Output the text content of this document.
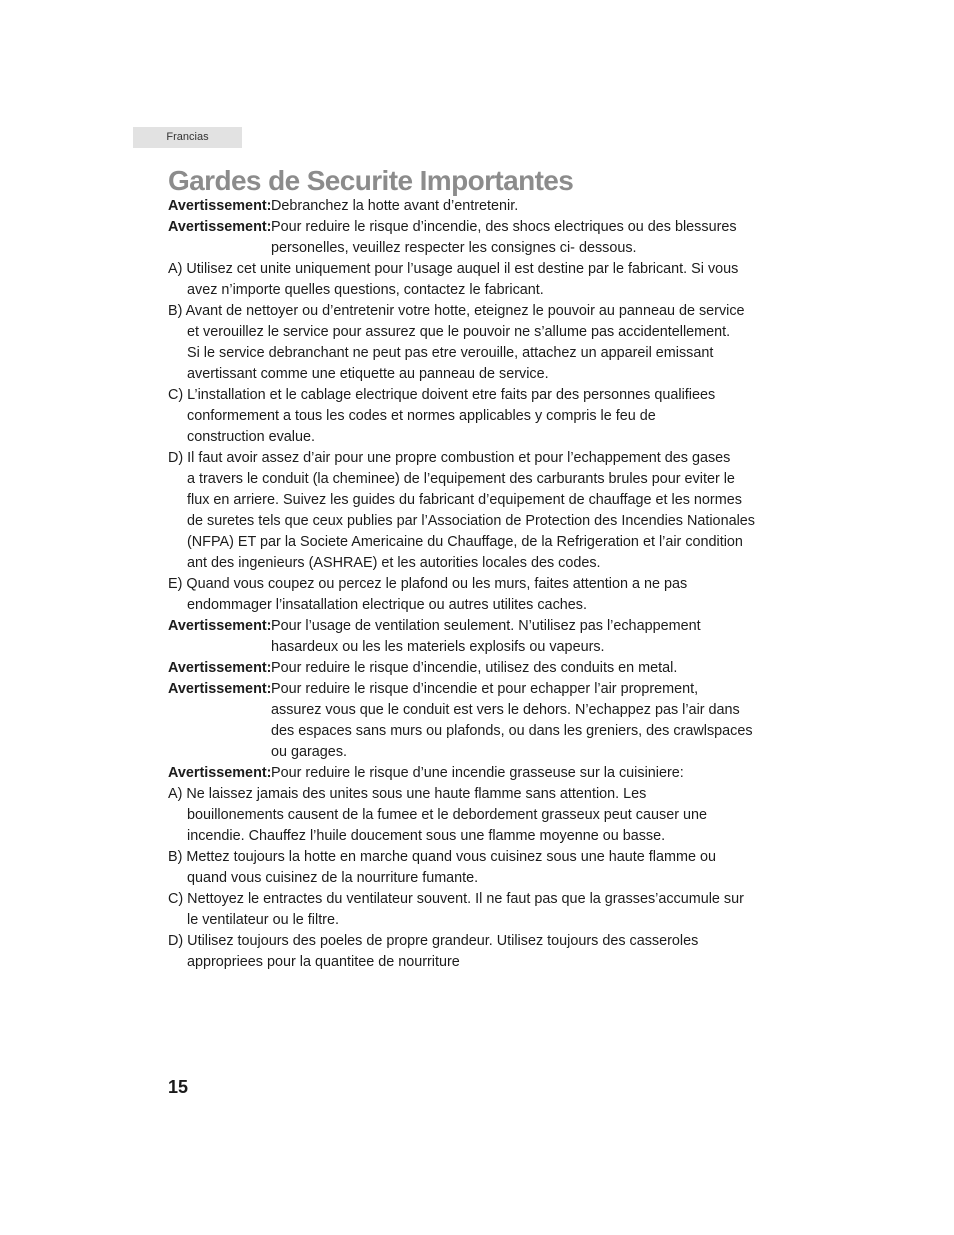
Francias
Gardes de Securite Importantes
Avertissement: Debranchez la hotte avant d’entretenir.
Avertissement: Pour reduire le risque d’incendie, des shocs electriques ou des blessures
personelles, veuillez respecter les consignes ci- dessous.
A) Utilisez cet unite uniquement pour l’usage auquel il est destine par le fabricant. Si vous
avez n’importe quelles questions, contactez le fabricant.
B) Avant de nettoyer ou d’entretenir votre hotte, eteignez le pouvoir au panneau de service
et verouillez le service pour assurez que le pouvoir ne s’allume pas accidentellement.
Si le service debranchant ne peut pas etre verouille, attachez un appareil emissant
avertissant comme une etiquette au panneau de service.
C) L’installation et le cablage electrique doivent etre faits par des personnes qualifiees
conformement a tous les codes et normes applicables y compris le feu de
construction evalue.
D) Il faut avoir assez d’air pour une propre combustion et pour l’echappement des gases
a travers le conduit (la cheminee) de l’equipement des carburants brules pour eviter le
flux en arriere. Suivez les guides du fabricant d’equipement de chauffage et les normes
de suretes tels que ceux publies par l’Association de Protection des Incendies Nationales
(NFPA) ET par la Societe Americaine du Chauffage, de la Refrigeration et l’air condition
ant des ingenieurs (ASHRAE) et les autorities locales des codes.
E) Quand vous coupez ou percez le plafond ou les murs, faites attention a ne pas
endommager l’insatallation electrique ou autres utilites caches.
Avertissement: Pour l’usage de ventilation seulement. N’utilisez pas l’echappement
hasardeux ou les les materiels explosifs ou vapeurs.
Avertissement: Pour reduire le risque d’incendie, utilisez des conduits en metal.
Avertissement: Pour reduire le risque d’incendie et pour echapper l’air proprement,
assurez vous que le conduit est vers le dehors. N’echappez pas l’air dans
des espaces sans murs ou plafonds, ou dans les greniers, des crawlspaces
ou garages.
Avertissement: Pour reduire le risque d’une incendie grasseuse sur la cuisiniere:
A) Ne laissez jamais des unites sous une haute flamme sans attention. Les
bouillonements causent de la fumee et le debordement grasseux peut causer une
incendie. Chauffez l’huile doucement sous une flamme moyenne ou basse.
B) Mettez toujours la hotte en marche quand vous cuisinez sous une haute flamme ou
quand vous cuisinez de la nourriture fumante.
C) Nettoyez le entractes du ventilateur souvent. Il ne faut pas que la grasses’accumule sur
le ventilateur ou le filtre.
D) Utilisez toujours des poeles de propre grandeur. Utilisez toujours des casseroles
appropriees pour la quantitee de nourriture
15
